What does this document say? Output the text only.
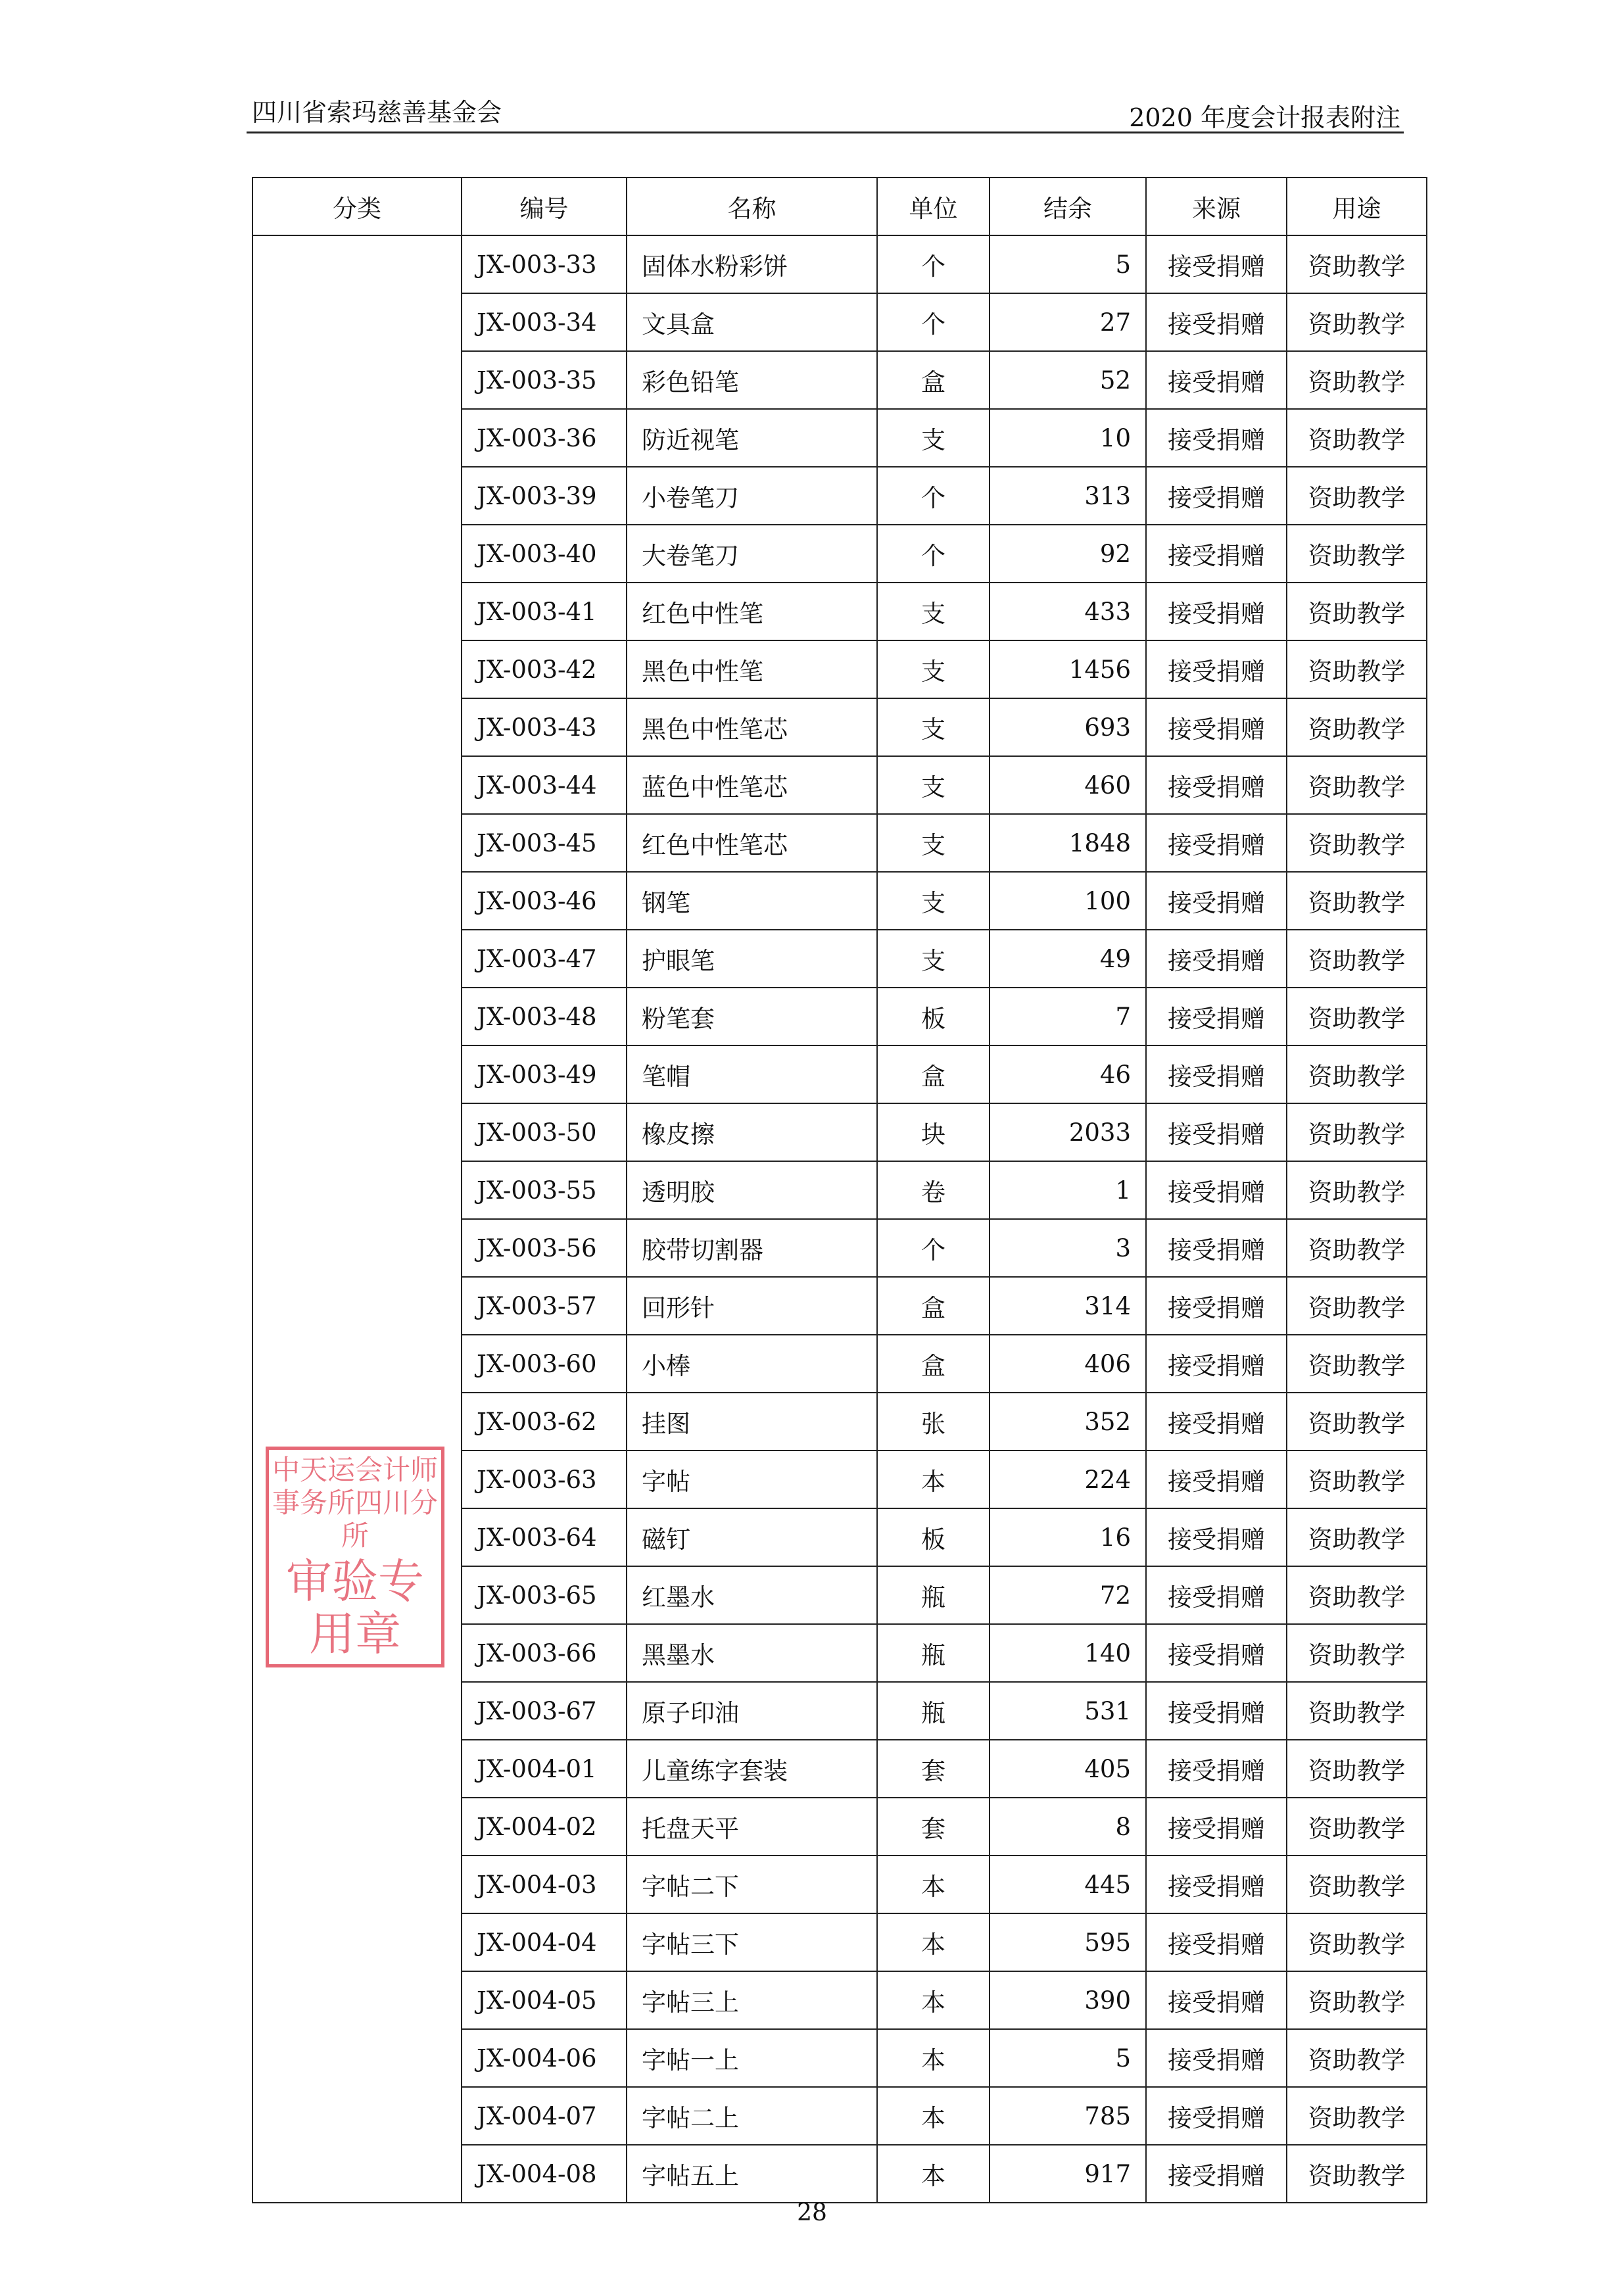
四川省索玛慈善基金会	2020 年度会计报表附注
分类	编号	名称	单位	结余	来源	用途
	JX-003-33	固体水粉彩饼	个	5	接受捐赠	资助教学
	JX-003-34	文具盒	个	27	接受捐赠	资助教学
	JX-003-35	彩色铅笔	盒	52	接受捐赠	资助教学
	JX-003-36	防近视笔	支	10	接受捐赠	资助教学
	JX-003-39	小卷笔刀	个	313	接受捐赠	资助教学
	JX-003-40	大卷笔刀	个	92	接受捐赠	资助教学
	JX-003-41	红色中性笔	支	433	接受捐赠	资助教学
	JX-003-42	黑色中性笔	支	1456	接受捐赠	资助教学
	JX-003-43	黑色中性笔芯	支	693	接受捐赠	资助教学
	JX-003-44	蓝色中性笔芯	支	460	接受捐赠	资助教学
	JX-003-45	红色中性笔芯	支	1848	接受捐赠	资助教学
	JX-003-46	钢笔	支	100	接受捐赠	资助教学
	JX-003-47	护眼笔	支	49	接受捐赠	资助教学
	JX-003-48	粉笔套	板	7	接受捐赠	资助教学
	JX-003-49	笔帽	盒	46	接受捐赠	资助教学
	JX-003-50	橡皮擦	块	2033	接受捐赠	资助教学
	JX-003-55	透明胶	卷	1	接受捐赠	资助教学
	JX-003-56	胶带切割器	个	3	接受捐赠	资助教学
	JX-003-57	回形针	盒	314	接受捐赠	资助教学
	JX-003-60	小棒	盒	406	接受捐赠	资助教学
	JX-003-62	挂图	张	352	接受捐赠	资助教学
	JX-003-63	字帖	本	224	接受捐赠	资助教学
	JX-003-64	磁钉	板	16	接受捐赠	资助教学
	JX-003-65	红墨水	瓶	72	接受捐赠	资助教学
	JX-003-66	黑墨水	瓶	140	接受捐赠	资助教学
	JX-003-67	原子印油	瓶	531	接受捐赠	资助教学
	JX-004-01	儿童练字套装	套	405	接受捐赠	资助教学
	JX-004-02	托盘天平	套	8	接受捐赠	资助教学
	JX-004-03	字帖二下	本	445	接受捐赠	资助教学
	JX-004-04	字帖三下	本	595	接受捐赠	资助教学
	JX-004-05	字帖三上	本	390	接受捐赠	资助教学
	JX-004-06	字帖一上	本	5	接受捐赠	资助教学
	JX-004-07	字帖二上	本	785	接受捐赠	资助教学
	JX-004-08	字帖五上	本	917	接受捐赠	资助教学
中天运会计师事务所四川分所
审验专用章
28
